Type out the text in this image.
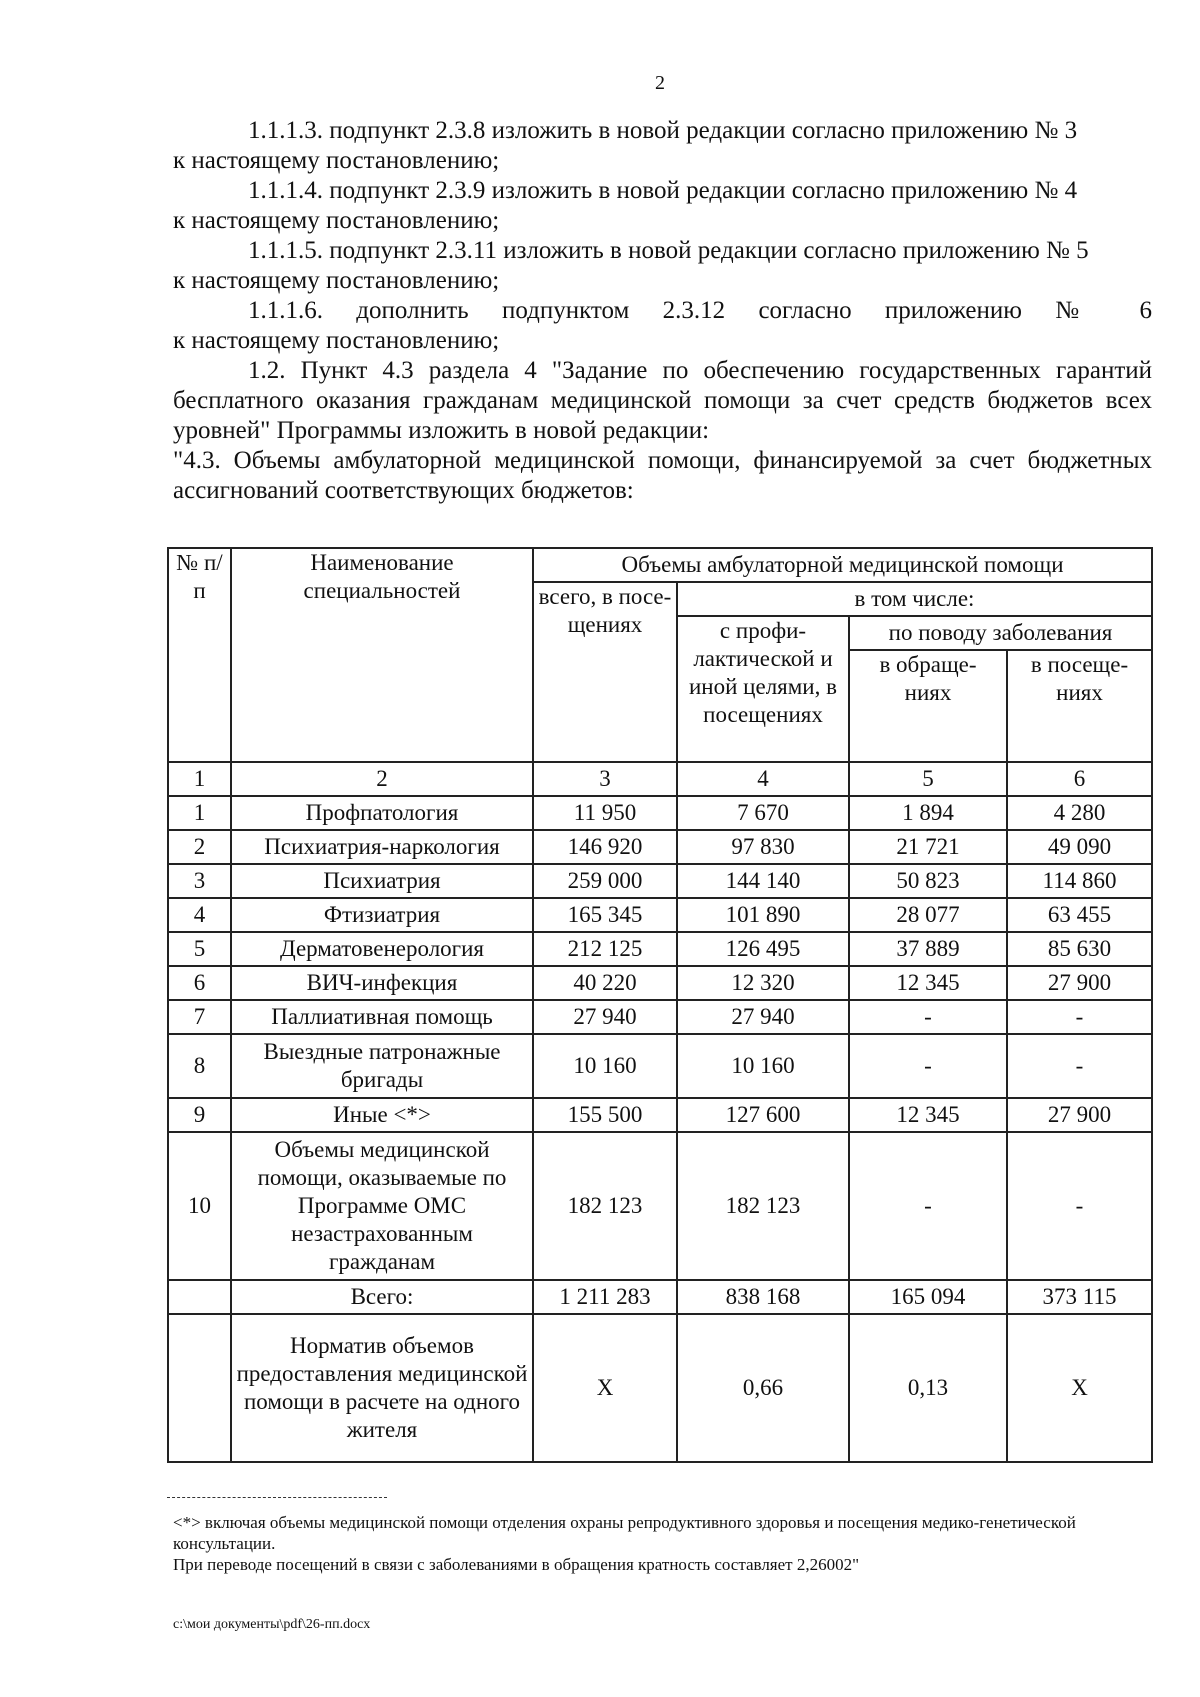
2

1.1.1.3. подпункт 2.3.8 изложить в новой редакции согласно приложению № 3

к настоящему постановлению;

1.1.1.4. подпункт 2.3.9 изложить в новой редакции согласно приложению № 4

к настоящему постановлению;

1.1.1.5. подпункт 2.3.11 изложить в новой редакции согласно приложению № 5

к настоящему постановлению;

1.1.1.6. дополнить подпунктом 2.3.12 согласно приложению № 6

к настоящему постановлению;

1.2. Пункт 4.3 раздела 4 "Задание по обеспечению государственных гарантий бесплатного оказания гражданам медицинской помощи за счет средств бюджетов всех уровней" Программы изложить в новой редакции:

"4.3. Объемы амбулаторной медицинской помощи, финансируемой за счет бюджетных ассигнований соответствующих бюджетов:

№ п/п	Наименование специальностей	Объемы амбулаторной медицинской помощи			
		всего, в посе- щениях	в том числе:		
			с профи- лактической и иной целями, в посещениях	по поводу заболевания	
				в обраще- ниях	в посеще- ниях
1	2	3	4	5	6
1	Профпатология	11 950	7 670	1 894	4 280
2	Психиатрия-наркология	146 920	97 830	21 721	49 090
3	Психиатрия	259 000	144 140	50 823	114 860
4	Фтизиатрия	165 345	101 890	28 077	63 455
5	Дерматовенерология	212 125	126 495	37 889	85 630
6	ВИЧ-инфекция	40 220	12 320	12 345	27 900
7	Паллиативная помощь	27 940	27 940	-	-
8	Выездные патронажные бригады	10 160	10 160	-	-
9	Иные <*>	155 500	127 600	12 345	27 900
10	Объемы медицинской помощи, оказываемые по Программе ОМС незастрахованным гражданам	182 123	182 123	-	-
	Всего:	1 211 283	838 168	165 094	373 115
	Норматив объемов предоставления медицинской помощи в расчете на одного жителя	X	0,66	0,13	X

<*> включая объемы медицинской помощи отделения охраны репродуктивного здоровья и посещения медико-генетической консультации.

При переводе посещений в связи с заболеваниями в обращения кратность составляет 2,26002"

c:\мои документы\pdf\26-пп.docx
